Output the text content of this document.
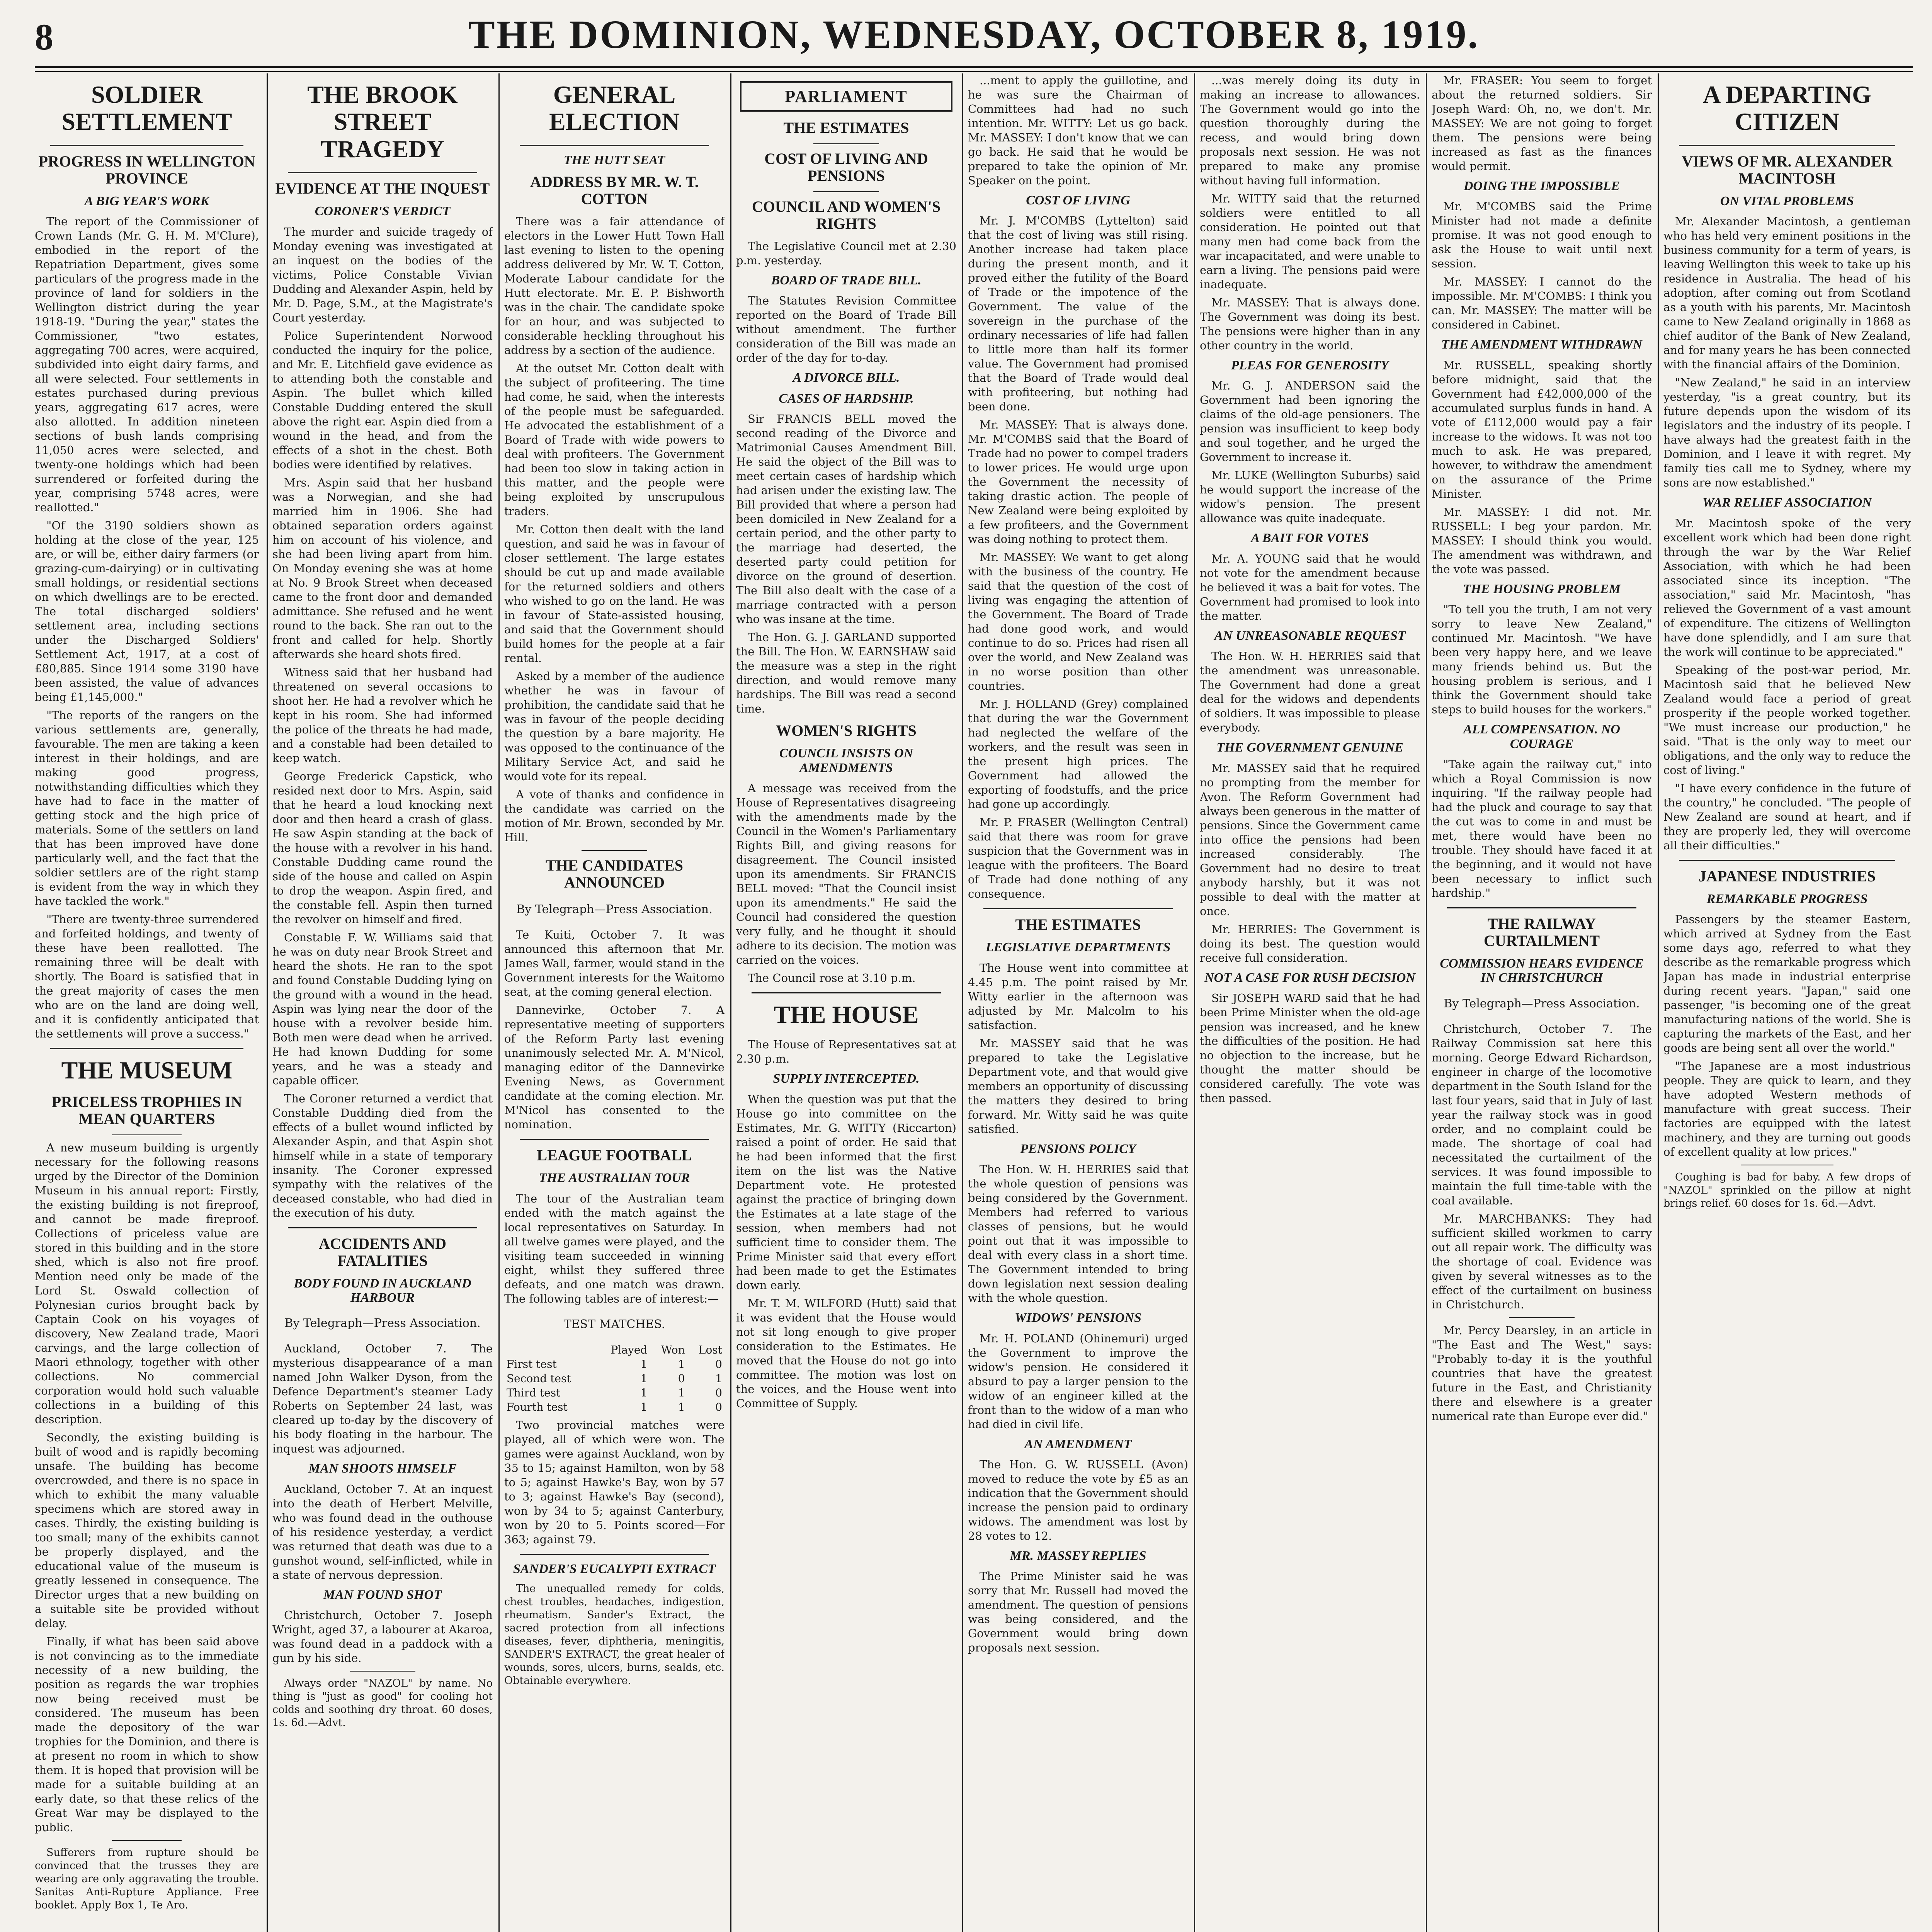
8	THE DOMINION, WEDNESDAY, OCTOBER 8, 1919.
SOLDIER SETTLEMENT
PROGRESS IN WELLINGTON PROVINCE
A BIG YEAR'S WORK

The report of the Commissioner of Crown Lands (Mr. G. H. M. M'Clure), embodied in the report of the Repatriation Department, gives some particulars of the progress made in the province of land for soldiers in the Wellington district during the year 1918-19. "During the year," states the Commissioner, "two estates, aggregating 700 acres, were acquired, subdivided into eight dairy farms, and all were selected. Four settlements in estates purchased during previous years, aggregating 617 acres, were also allotted. In addition nineteen sections of bush lands comprising 11,050 acres were selected, and twenty-one holdings which had been surrendered or forfeited during the year, comprising 5748 acres, were reallotted."

"Of the 3190 soldiers shown as holding at the close of the year, 125 are, or will be, either dairy farmers (or grazing-cum-dairying) or in cultivating small holdings, or residential sections on which dwellings are to be erected. The total discharged soldiers' settlement area, including sections under the Discharged Soldiers' Settlement Act, 1917, at a cost of £80,885. Since 1914 some 3190 have been assisted, the value of advances being £1,145,000."

"The reports of the rangers on the various settlements are, generally, favourable. The men are taking a keen interest in their holdings, and are making good progress, notwithstanding difficulties which they have had to face in the matter of getting stock and the high price of materials. Some of the settlers on land that has been improved have done particularly well, and the fact that the soldier settlers are of the right stamp is evident from the way in which they have tackled the work."

"There are twenty-three surrendered and forfeited holdings, and twenty of these have been reallotted. The remaining three will be dealt with shortly. The Board is satisfied that in the great majority of cases the men who are on the land are doing well, and it is confidently anticipated that the settlements will prove a success."

THE MUSEUM
PRICELESS TROPHIES IN MEAN QUARTERS

A new museum building is urgently necessary for the following reasons urged by the Director of the Dominion Museum in his annual report: Firstly, the existing building is not fireproof, and cannot be made fireproof. Collections of priceless value are stored in this building and in the store shed, which is also not fire proof. Mention need only be made of the Lord St. Oswald collection of Polynesian curios brought back by Captain Cook on his voyages of discovery, New Zealand trade, Maori carvings, and the large collection of Maori ethnology, together with other collections. No commercial corporation would hold such valuable collections in a building of this description.

Secondly, the existing building is built of wood and is rapidly becoming unsafe. The building has become overcrowded, and there is no space in which to exhibit the many valuable specimens which are stored away in cases. Thirdly, the existing building is too small; many of the exhibits cannot be properly displayed, and the educational value of the museum is greatly lessened in consequence. The Director urges that a new building on a suitable site be provided without delay.

Finally, if what has been said above is not convincing as to the immediate necessity of a new building, the position as regards the war trophies now being received must be considered. The museum has been made the depository of the war trophies for the Dominion, and there is at present no room in which to show them. It is hoped that provision will be made for a suitable building at an early date, so that these relics of the Great War may be displayed to the public.

Sufferers from rupture should be convinced that the trusses they are wearing are only aggravating the trouble. Sanitas Anti-Rupture Appliance. Free booklet. Apply Box 1, Te Aro.

THE BROOK STREET TRAGEDY
EVIDENCE AT THE INQUEST
CORONER'S VERDICT

The murder and suicide tragedy of Monday evening was investigated at an inquest on the bodies of the victims, Police Constable Vivian Dudding and Alexander Aspin, held by Mr. D. Page, S.M., at the Magistrate's Court yesterday.

Police Superintendent Norwood conducted the inquiry for the police, and Mr. E. Litchfield gave evidence as to attending both the constable and Aspin. The bullet which killed Constable Dudding entered the skull above the right ear. Aspin died from a wound in the head, and from the effects of a shot in the chest. Both bodies were identified by relatives.

Mrs. Aspin said that her husband was a Norwegian, and she had married him in 1906. She had obtained separation orders against him on account of his violence, and she had been living apart from him. On Monday evening she was at home at No. 9 Brook Street when deceased came to the front door and demanded admittance. She refused and he went round to the back. She ran out to the front and called for help. Shortly afterwards she heard shots fired.

Witness said that her husband had threatened on several occasions to shoot her. He had a revolver which he kept in his room. She had informed the police of the threats he had made, and a constable had been detailed to keep watch.

George Frederick Capstick, who resided next door to Mrs. Aspin, said that he heard a loud knocking next door and then heard a crash of glass. He saw Aspin standing at the back of the house with a revolver in his hand. Constable Dudding came round the side of the house and called on Aspin to drop the weapon. Aspin fired, and the constable fell. Aspin then turned the revolver on himself and fired.

Constable F. W. Williams said that he was on duty near Brook Street and heard the shots. He ran to the spot and found Constable Dudding lying on the ground with a wound in the head. Aspin was lying near the door of the house with a revolver beside him. Both men were dead when he arrived. He had known Dudding for some years, and he was a steady and capable officer.

The Coroner returned a verdict that Constable Dudding died from the effects of a bullet wound inflicted by Alexander Aspin, and that Aspin shot himself while in a state of temporary insanity. The Coroner expressed sympathy with the relatives of the deceased constable, who had died in the execution of his duty.

ACCIDENTS AND FATALITIES
BODY FOUND IN AUCKLAND HARBOUR

By Telegraph—Press Association.

Auckland, October 7. The mysterious disappearance of a man named John Walker Dyson, from the Defence Department's steamer Lady Roberts on September 24 last, was cleared up to-day by the discovery of his body floating in the harbour. The inquest was adjourned.

MAN SHOOTS HIMSELF

Auckland, October 7. At an inquest into the death of Herbert Melville, who was found dead in the outhouse of his residence yesterday, a verdict was returned that death was due to a gunshot wound, self-inflicted, while in a state of nervous depression.

MAN FOUND SHOT

Christchurch, October 7. Joseph Wright, aged 37, a labourer at Akaroa, was found dead in a paddock with a gun by his side.

Always order "NAZOL" by name. No thing is "just as good" for cooling hot colds and soothing dry throat. 60 doses, 1s. 6d.—Advt.

GENERAL ELECTION
THE HUTT SEAT
ADDRESS BY MR. W. T. COTTON

There was a fair attendance of electors in the Lower Hutt Town Hall last evening to listen to the opening address delivered by Mr. W. T. Cotton, Moderate Labour candidate for the Hutt electorate. Mr. E. P. Bishworth was in the chair. The candidate spoke for an hour, and was subjected to considerable heckling throughout his address by a section of the audience.

At the outset Mr. Cotton dealt with the subject of profiteering. The time had come, he said, when the interests of the people must be safeguarded. He advocated the establishment of a Board of Trade with wide powers to deal with profiteers. The Government had been too slow in taking action in this matter, and the people were being exploited by unscrupulous traders.

Mr. Cotton then dealt with the land question, and said he was in favour of closer settlement. The large estates should be cut up and made available for the returned soldiers and others who wished to go on the land. He was in favour of State-assisted housing, and said that the Government should build homes for the people at a fair rental.

Asked by a member of the audience whether he was in favour of prohibition, the candidate said that he was in favour of the people deciding the question by a bare majority. He was opposed to the continuance of the Military Service Act, and said he would vote for its repeal.

A vote of thanks and confidence in the candidate was carried on the motion of Mr. Brown, seconded by Mr. Hill.

THE CANDIDATES ANNOUNCED

By Telegraph—Press Association.

Te Kuiti, October 7. It was announced this afternoon that Mr. James Wall, farmer, would stand in the Government interests for the Waitomo seat, at the coming general election.

Dannevirke, October 7. A representative meeting of supporters of the Reform Party last evening unanimously selected Mr. A. M'Nicol, managing editor of the Dannevirke Evening News, as Government candidate at the coming election. Mr. M'Nicol has consented to the nomination.

LEAGUE FOOTBALL
THE AUSTRALIAN TOUR

The tour of the Australian team ended with the match against the local representatives on Saturday. In all twelve games were played, and the visiting team succeeded in winning eight, whilst they suffered three defeats, and one match was drawn. The following tables are of interest:—

TEST MATCHES.

	Played	Won	Lost
First test	1	1	0
Second test	1	0	1
Third test	1	1	0
Fourth test	1	1	0

Two provincial matches were played, all of which were won. The games were against Auckland, won by 35 to 15; against Hamilton, won by 58 to 5; against Hawke's Bay, won by 57 to 3; against Hawke's Bay (second), won by 34 to 5; against Canterbury, won by 20 to 5. Points scored—For 363; against 79.

SANDER'S EUCALYPTI EXTRACT

The unequalled remedy for colds, chest troubles, headaches, indigestion, rheumatism. Sander's Extract, the sacred protection from all infections diseases, fever, diphtheria, meningitis, SANDER'S EXTRACT, the great healer of wounds, sores, ulcers, burns, sealds, etc. Obtainable everywhere.

PARLIAMENT
THE ESTIMATES
COST OF LIVING AND PENSIONS
COUNCIL AND WOMEN'S RIGHTS

The Legislative Council met at 2.30 p.m. yesterday.

BOARD OF TRADE BILL.

The Statutes Revision Committee reported on the Board of Trade Bill without amendment. The further consideration of the Bill was made an order of the day for to-day.

A DIVORCE BILL.
CASES OF HARDSHIP.

Sir FRANCIS BELL moved the second reading of the Divorce and Matrimonial Causes Amendment Bill. He said the object of the Bill was to meet certain cases of hardship which had arisen under the existing law. The Bill provided that where a person had been domiciled in New Zealand for a certain period, and the other party to the marriage had deserted, the deserted party could petition for divorce on the ground of desertion. The Bill also dealt with the case of a marriage contracted with a person who was insane at the time.

The Hon. G. J. GARLAND supported the Bill. The Hon. W. EARNSHAW said the measure was a step in the right direction, and would remove many hardships. The Bill was read a second time.

WOMEN'S RIGHTS
COUNCIL INSISTS ON AMENDMENTS

A message was received from the House of Representatives disagreeing with the amendments made by the Council in the Women's Parliamentary Rights Bill, and giving reasons for disagreement. The Council insisted upon its amendments. Sir FRANCIS BELL moved: "That the Council insist upon its amendments." He said the Council had considered the question very fully, and he thought it should adhere to its decision. The motion was carried on the voices.

The Council rose at 3.10 p.m.

THE HOUSE

The House of Representatives sat at 2.30 p.m.

SUPPLY INTERCEPTED.

When the question was put that the House go into committee on the Estimates, Mr. G. WITTY (Riccarton) raised a point of order. He said that he had been informed that the first item on the list was the Native Department vote. He protested against the practice of bringing down the Estimates at a late stage of the session, when members had not sufficient time to consider them. The Prime Minister said that every effort had been made to get the Estimates down early.

Mr. T. M. WILFORD (Hutt) said that it was evident that the House would not sit long enough to give proper consideration to the Estimates. He moved that the House do not go into committee. The motion was lost on the voices, and the House went into Committee of Supply.

...ment to apply the guillotine, and he was sure the Chairman of Committees had had no such intention. Mr. WITTY: Let us go back. Mr. MASSEY: I don't know that we can go back. He said that he would be prepared to take the opinion of Mr. Speaker on the point.

COST OF LIVING

Mr. J. M'COMBS (Lyttelton) said that the cost of living was still rising. Another increase had taken place during the present month, and it proved either the futility of the Board of Trade or the impotence of the Government. The value of the sovereign in the purchase of the ordinary necessaries of life had fallen to little more than half its former value. The Government had promised that the Board of Trade would deal with profiteering, but nothing had been done.

Mr. MASSEY: That is always done. Mr. M'COMBS said that the Board of Trade had no power to compel traders to lower prices. He would urge upon the Government the necessity of taking drastic action. The people of New Zealand were being exploited by a few profiteers, and the Government was doing nothing to protect them.

Mr. MASSEY: We want to get along with the business of the country. He said that the question of the cost of living was engaging the attention of the Government. The Board of Trade had done good work, and would continue to do so. Prices had risen all over the world, and New Zealand was in no worse position than other countries.

Mr. J. HOLLAND (Grey) complained that during the war the Government had neglected the welfare of the workers, and the result was seen in the present high prices. The Government had allowed the exporting of foodstuffs, and the price had gone up accordingly.

Mr. P. FRASER (Wellington Central) said that there was room for grave suspicion that the Government was in league with the profiteers. The Board of Trade had done nothing of any consequence.

THE ESTIMATES
LEGISLATIVE DEPARTMENTS

The House went into committee at 4.45 p.m. The point raised by Mr. Witty earlier in the afternoon was adjusted by Mr. Malcolm to his satisfaction.

Mr. MASSEY said that he was prepared to take the Legislative Department vote, and that would give members an opportunity of discussing the matters they desired to bring forward. Mr. Witty said he was quite satisfied.

PENSIONS POLICY

The Hon. W. H. HERRIES said that the whole question of pensions was being considered by the Government. Members had referred to various classes of pensions, but he would point out that it was impossible to deal with every class in a short time. The Government intended to bring down legislation next session dealing with the whole question.

WIDOWS' PENSIONS

Mr. H. POLAND (Ohinemuri) urged the Government to improve the widow's pension. He considered it absurd to pay a larger pension to the widow of an engineer killed at the front than to the widow of a man who had died in civil life.

AN AMENDMENT

The Hon. G. W. RUSSELL (Avon) moved to reduce the vote by £5 as an indication that the Government should increase the pension paid to ordinary widows. The amendment was lost by 28 votes to 12.

MR. MASSEY REPLIES

The Prime Minister said he was sorry that Mr. Russell had moved the amendment. The question of pensions was being considered, and the Government would bring down proposals next session.

...was merely doing its duty in making an increase to allowances. The Government would go into the question thoroughly during the recess, and would bring down proposals next session. He was not prepared to make any promise without having full information.

Mr. WITTY said that the returned soldiers were entitled to all consideration. He pointed out that many men had come back from the war incapacitated, and were unable to earn a living. The pensions paid were inadequate.

Mr. MASSEY: That is always done. The Government was doing its best. The pensions were higher than in any other country in the world.

PLEAS FOR GENEROSITY

Mr. G. J. ANDERSON said the Government had been ignoring the claims of the old-age pensioners. The pension was insufficient to keep body and soul together, and he urged the Government to increase it.

Mr. LUKE (Wellington Suburbs) said he would support the increase of the widow's pension. The present allowance was quite inadequate.

A BAIT FOR VOTES

Mr. A. YOUNG said that he would not vote for the amendment because he believed it was a bait for votes. The Government had promised to look into the matter.

AN UNREASONABLE REQUEST

The Hon. W. H. HERRIES said that the amendment was unreasonable. The Government had done a great deal for the widows and dependents of soldiers. It was impossible to please everybody.

THE GOVERNMENT GENUINE

Mr. MASSEY said that he required no prompting from the member for Avon. The Reform Government had always been generous in the matter of pensions. Since the Government came into office the pensions had been increased considerably. The Government had no desire to treat anybody harshly, but it was not possible to deal with the matter at once.

Mr. HERRIES: The Government is doing its best. The question would receive full consideration.

NOT A CASE FOR RUSH DECISION

Sir JOSEPH WARD said that he had been Prime Minister when the old-age pension was increased, and he knew the difficulties of the position. He had no objection to the increase, but he thought the matter should be considered carefully. The vote was then passed.

Mr. FRASER: You seem to forget about the returned soldiers. Sir Joseph Ward: Oh, no, we don't. Mr. MASSEY: We are not going to forget them. The pensions were being increased as fast as the finances would permit.

DOING THE IMPOSSIBLE

Mr. M'COMBS said the Prime Minister had not made a definite promise. It was not good enough to ask the House to wait until next session.

Mr. MASSEY: I cannot do the impossible. Mr. M'COMBS: I think you can. Mr. MASSEY: The matter will be considered in Cabinet.

THE AMENDMENT WITHDRAWN

Mr. RUSSELL, speaking shortly before midnight, said that the Government had £42,000,000 of the accumulated surplus funds in hand. A vote of £112,000 would pay a fair increase to the widows. It was not too much to ask. He was prepared, however, to withdraw the amendment on the assurance of the Prime Minister.

Mr. MASSEY: I did not. Mr. RUSSELL: I beg your pardon. Mr. MASSEY: I should think you would. The amendment was withdrawn, and the vote was passed.

THE HOUSING PROBLEM

"To tell you the truth, I am not very sorry to leave New Zealand," continued Mr. Macintosh. "We have been very happy here, and we leave many friends behind us. But the housing problem is serious, and I think the Government should take steps to build houses for the workers."

ALL COMPENSATION. NO COURAGE

"Take again the railway cut," into which a Royal Commission is now inquiring. "If the railway people had had the pluck and courage to say that the cut was to come in and must be met, there would have been no trouble. They should have faced it at the beginning, and it would not have been necessary to inflict such hardship."

THE RAILWAY CURTAILMENT
COMMISSION HEARS EVIDENCE IN CHRISTCHURCH

By Telegraph—Press Association.

Christchurch, October 7. The Railway Commission sat here this morning. George Edward Richardson, engineer in charge of the locomotive department in the South Island for the last four years, said that in July of last year the railway stock was in good order, and no complaint could be made. The shortage of coal had necessitated the curtailment of the services. It was found impossible to maintain the full time-table with the coal available.

Mr. MARCHBANKS: They had sufficient skilled workmen to carry out all repair work. The difficulty was the shortage of coal. Evidence was given by several witnesses as to the effect of the curtailment on business in Christchurch.

Mr. Percy Dearsley, in an article in "The East and The West," says: "Probably to-day it is the youthful countries that have the greatest future in the East, and Christianity there and elsewhere is a greater numerical rate than Europe ever did."

A DEPARTING CITIZEN
VIEWS OF MR. ALEXANDER MACINTOSH
ON VITAL PROBLEMS

Mr. Alexander Macintosh, a gentleman who has held very eminent positions in the business community for a term of years, is leaving Wellington this week to take up his residence in Australia. The head of his adoption, after coming out from Scotland as a youth with his parents, Mr. Macintosh came to New Zealand originally in 1868 as chief auditor of the Bank of New Zealand, and for many years he has been connected with the financial affairs of the Dominion.

"New Zealand," he said in an interview yesterday, "is a great country, but its future depends upon the wisdom of its legislators and the industry of its people. I have always had the greatest faith in the Dominion, and I leave it with regret. My family ties call me to Sydney, where my sons are now established."

WAR RELIEF ASSOCIATION

Mr. Macintosh spoke of the very excellent work which had been done right through the war by the War Relief Association, with which he had been associated since its inception. "The association," said Mr. Macintosh, "has relieved the Government of a vast amount of expenditure. The citizens of Wellington have done splendidly, and I am sure that the work will continue to be appreciated."

Speaking of the post-war period, Mr. Macintosh said that he believed New Zealand would face a period of great prosperity if the people worked together. "We must increase our production," he said. "That is the only way to meet our obligations, and the only way to reduce the cost of living."

"I have every confidence in the future of the country," he concluded. "The people of New Zealand are sound at heart, and if they are properly led, they will overcome all their difficulties."

JAPANESE INDUSTRIES
REMARKABLE PROGRESS

Passengers by the steamer Eastern, which arrived at Sydney from the East some days ago, referred to what they describe as the remarkable progress which Japan has made in industrial enterprise during recent years. "Japan," said one passenger, "is becoming one of the great manufacturing nations of the world. She is capturing the markets of the East, and her goods are being sent all over the world."

"The Japanese are a most industrious people. They are quick to learn, and they have adopted Western methods of manufacture with great success. Their factories are equipped with the latest machinery, and they are turning out goods of excellent quality at low prices."

Coughing is bad for baby. A few drops of "NAZOL" sprinkled on the pillow at night brings relief. 60 doses for 1s. 6d.—Advt.
